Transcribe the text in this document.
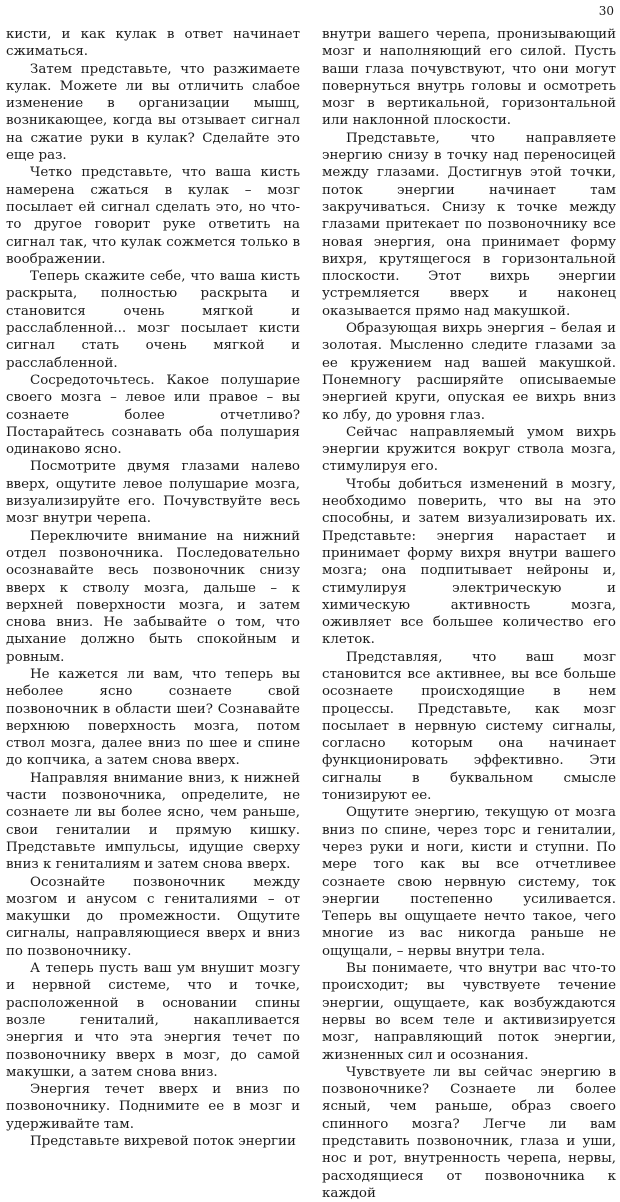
30

кисти, и как кулак в ответ начинает сжиматься.

Затем представьте, что разжимаете кулак. Можете ли вы отличить слабое изменение в организации мышц, возникающее, когда вы отзывает сигнал на сжатие руки в кулак? Сделайте это еще раз.

Четко представьте, что ваша кисть намерена сжаться в кулак – мозг посылает ей сигнал сделать это, но что-то другое говорит руке ответить на сигнал так, что кулак сожмется только в воображении.

Теперь скажите себе, что ваша кисть раскрыта, полностью раскрыта и становится очень мягкой и расслабленной... мозг посылает кисти сигнал стать очень мягкой и расслабленной.

Сосредоточьтесь. Какое полушарие своего мозга – левое или правое – вы сознаете более отчетливо? Постарайтесь сознавать оба полушария одинаково ясно.

Посмотрите двумя глазами налево вверх, ощутите левое полушарие мозга, визуализируйте его. Почувствуйте весь мозг внутри черепа.

Переключите внимание на нижний отдел позвоночника. Последовательно осознавайте весь позвоночник снизу вверх к стволу мозга, дальше – к верхней поверхности мозга, и затем снова вниз. Не забывайте о том, что дыхание должно быть спокойным и ровным.

Не кажется ли вам, что теперь вы неболее ясно сознаете свой позвоночник в области шеи? Сознавайте верхнюю поверхность мозга, потом ствол мозга, далее вниз по шее и спине до копчика, а затем снова вверх.

Направляя внимание вниз, к нижней части позвоночника, определите, не сознаете ли вы более ясно, чем раньше, свои гениталии и прямую кишку. Представьте импульсы, идущие сверху вниз к гениталиям и затем снова вверх.

Осознайте позвоночник между мозгом и анусом с гениталиями – от макушки до промежности. Ощутите сигналы, направляющиеся вверх и вниз по позвоночнику.

А теперь пусть ваш ум внушит мозгу и нервной системе, что и точке, расположенной в основании спины возле гениталий, накапливается энергия и что эта энергия течет по позвоночнику вверх в мозг, до самой макушки, а затем снова вниз.

Энергия течет вверх и вниз по позвоночнику. Поднимите ее в мозг и удерживайте там.

Представьте вихревой поток энергии

внутри вашего черепа, пронизывающий мозг и наполняющий его силой. Пусть ваши глаза почувствуют, что они могут повернуться внутрь головы и осмотреть мозг в вертикальной, горизонтальной или наклонной плоскости.

Представьте, что направляете энергию снизу в точку над переносицей между глазами. Достигнув этой точки, поток энергии начинает там закручиваться. Снизу к точке между глазами притекает по позвоночнику все новая энергия, она принимает форму вихря, крутящегося в горизонтальной плоскости. Этот вихрь энергии устремляется вверх и наконец оказывается прямо над макушкой.

Образующая вихрь энергия – белая и золотая. Мысленно следите глазами за ее кружением над вашей макушкой. Понемногу расширяйте описываемые энергией круги, опуская ее вихрь вниз ко лбу, до уровня глаз.

Сейчас направляемый умом вихрь энергии кружится вокруг ствола мозга, стимулируя его.

Чтобы добиться изменений в мозгу, необходимо поверить, что вы на это способны, и затем визуализировать их. Представьте: энергия нарастает и принимает форму вихря внутри вашего мозга; она подпитывает нейроны и, стимулируя электрическую и химическую активность мозга, оживляет все большее количество его клеток.

Представляя, что ваш мозг становится все активнее, вы все больше осознаете происходящие в нем процессы. Представьте, как мозг посылает в нервную систему сигналы, согласно которым она начинает функционировать эффективно. Эти сигналы в буквальном смысле тонизируют ее.

Ощутите энергию, текущую от мозга вниз по спине, через торс и гениталии, через руки и ноги, кисти и ступни. По мере того как вы все отчетливее сознаете свою нервную систему, ток энергии постепенно усиливается. Теперь вы ощущаете нечто такое, чего многие из вас никогда раньше не ощущали, – нервы внутри тела.

Вы понимаете, что внутри вас что-то происходит; вы чувствуете течение энергии, ощущаете, как возбуждаются нервы во всем теле и активизируется мозг, направляющий поток энергии, жизненных сил и осознания.

Чувствуете ли вы сейчас энергию в позвоночнике? Сознаете ли более ясный, чем раньше, образ своего спинного мозга? Легче ли вам представить позвоночник, глаза и уши, нос и рот, внутренность черепа, нервы, расходящиеся от позвоночника к каждой
